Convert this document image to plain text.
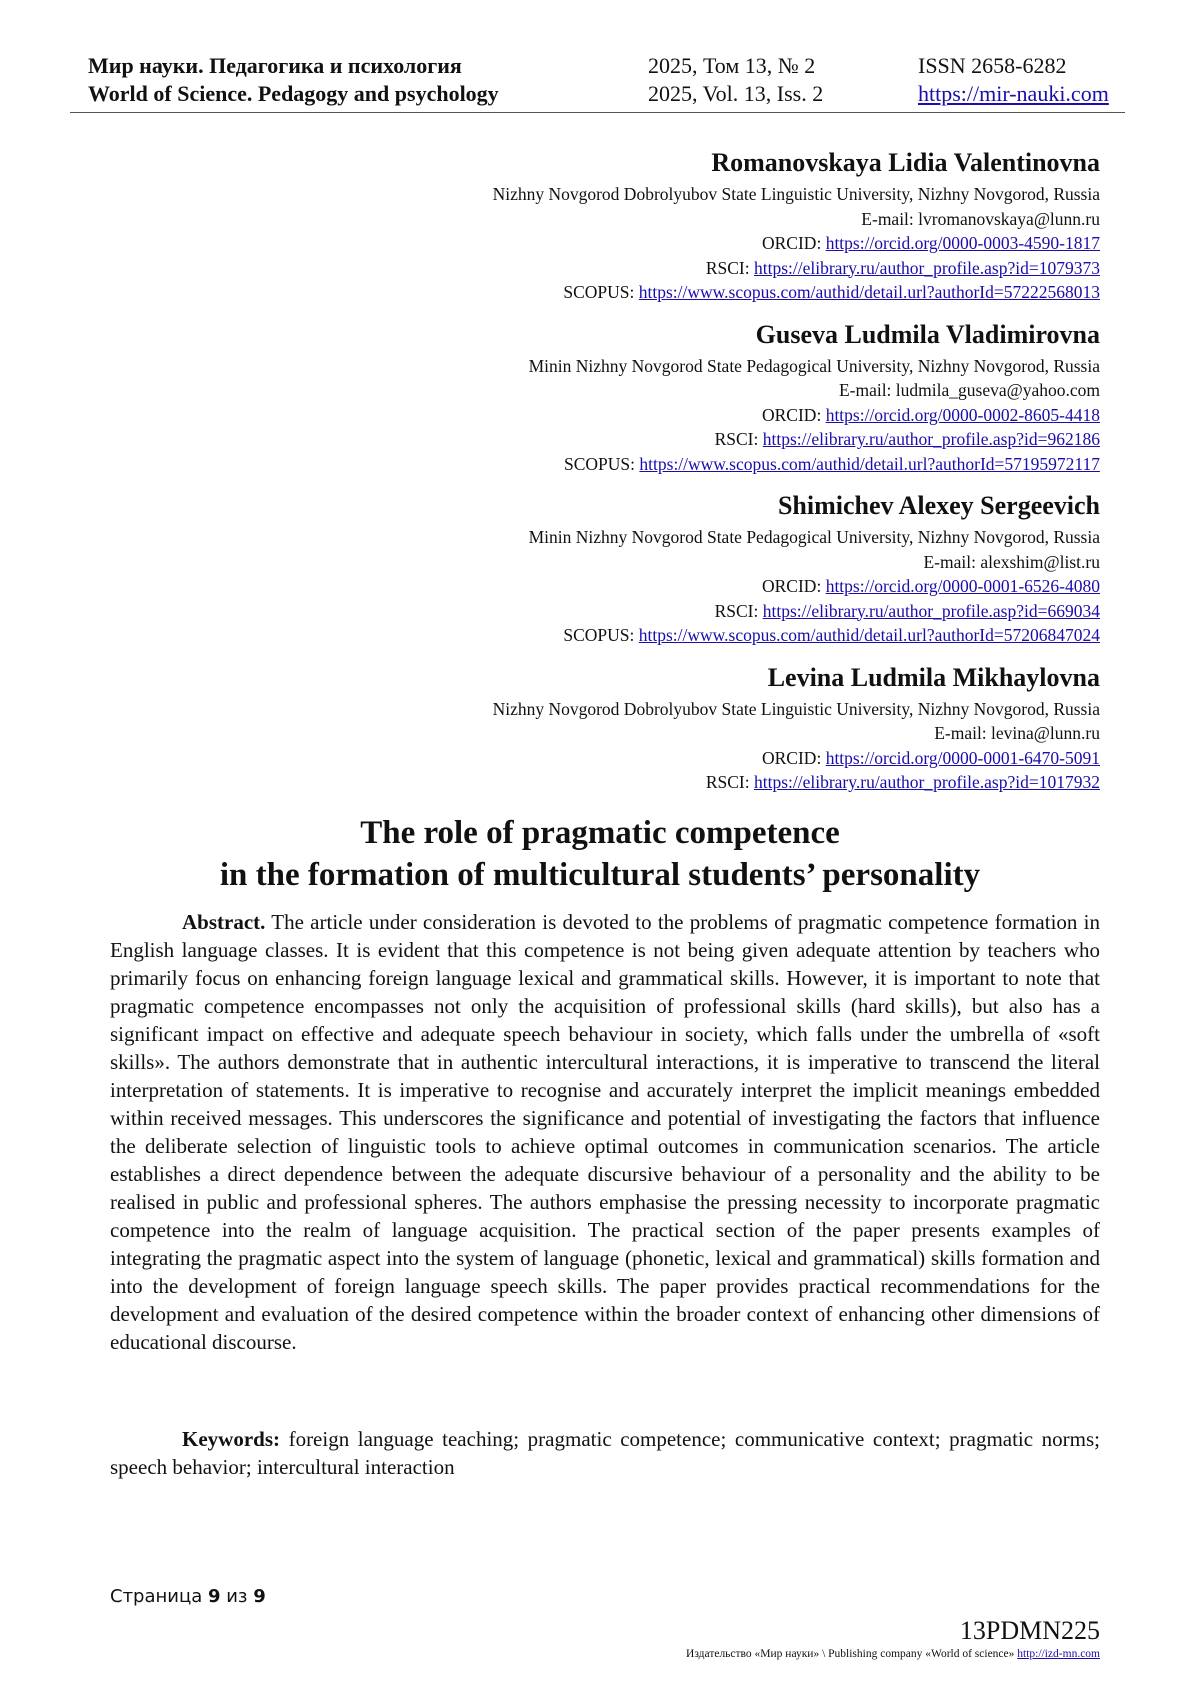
Мир науки. Педагогика и психология
World of Science. Pedagogy and psychology
2025, Том 13, № 2
2025, Vol. 13, Iss. 2
ISSN 2658-6282
https://mir-nauki.com
Romanovskaya Lidia Valentinovna
Nizhny Novgorod Dobrolyubov State Linguistic University, Nizhny Novgorod, Russia
E-mail: lvromanovskaya@lunn.ru
ORCID: https://orcid.org/0000-0003-4590-1817
RSCI: https://elibrary.ru/author_profile.asp?id=1079373
SCOPUS: https://www.scopus.com/authid/detail.url?authorId=57222568013
Guseva Ludmila Vladimirovna
Minin Nizhny Novgorod State Pedagogical University, Nizhny Novgorod, Russia
E-mail: ludmila_guseva@yahoo.com
ORCID: https://orcid.org/0000-0002-8605-4418
RSCI: https://elibrary.ru/author_profile.asp?id=962186
SCOPUS: https://www.scopus.com/authid/detail.url?authorId=57195972117
Shimichev Alexey Sergeevich
Minin Nizhny Novgorod State Pedagogical University, Nizhny Novgorod, Russia
E-mail: alexshim@list.ru
ORCID: https://orcid.org/0000-0001-6526-4080
RSCI: https://elibrary.ru/author_profile.asp?id=669034
SCOPUS: https://www.scopus.com/authid/detail.url?authorId=57206847024
Levina Ludmila Mikhaylovna
Nizhny Novgorod Dobrolyubov State Linguistic University, Nizhny Novgorod, Russia
E-mail: levina@lunn.ru
ORCID: https://orcid.org/0000-0001-6470-5091
RSCI: https://elibrary.ru/author_profile.asp?id=1017932
The role of pragmatic competence
in the formation of multicultural students’ personality
Abstract. The article under consideration is devoted to the problems of pragmatic competence formation in English language classes. It is evident that this competence is not being given adequate attention by teachers who primarily focus on enhancing foreign language lexical and grammatical skills. However, it is important to note that pragmatic competence encompasses not only the acquisition of professional skills (hard skills), but also has a significant impact on effective and adequate speech behaviour in society, which falls under the umbrella of «soft skills». The authors demonstrate that in authentic intercultural interactions, it is imperative to transcend the literal interpretation of statements. It is imperative to recognise and accurately interpret the implicit meanings embedded within received messages. This underscores the significance and potential of investigating the factors that influence the deliberate selection of linguistic tools to achieve optimal outcomes in communication scenarios. The article establishes a direct dependence between the adequate discursive behaviour of a personality and the ability to be realised in public and professional spheres. The authors emphasise the pressing necessity to incorporate pragmatic competence into the realm of language acquisition. The practical section of the paper presents examples of integrating the pragmatic aspect into the system of language (phonetic, lexical and grammatical) skills formation and into the development of foreign language speech skills. The paper provides practical recommendations for the development and evaluation of the desired competence within the broader context of enhancing other dimensions of educational discourse.
Keywords: foreign language teaching; pragmatic competence; communicative context; pragmatic norms; speech behavior; intercultural interaction
Страница 9 из 9
13PDMN225
Издательство «Мир науки» \ Publishing company «World of science» http://izd-mn.com
